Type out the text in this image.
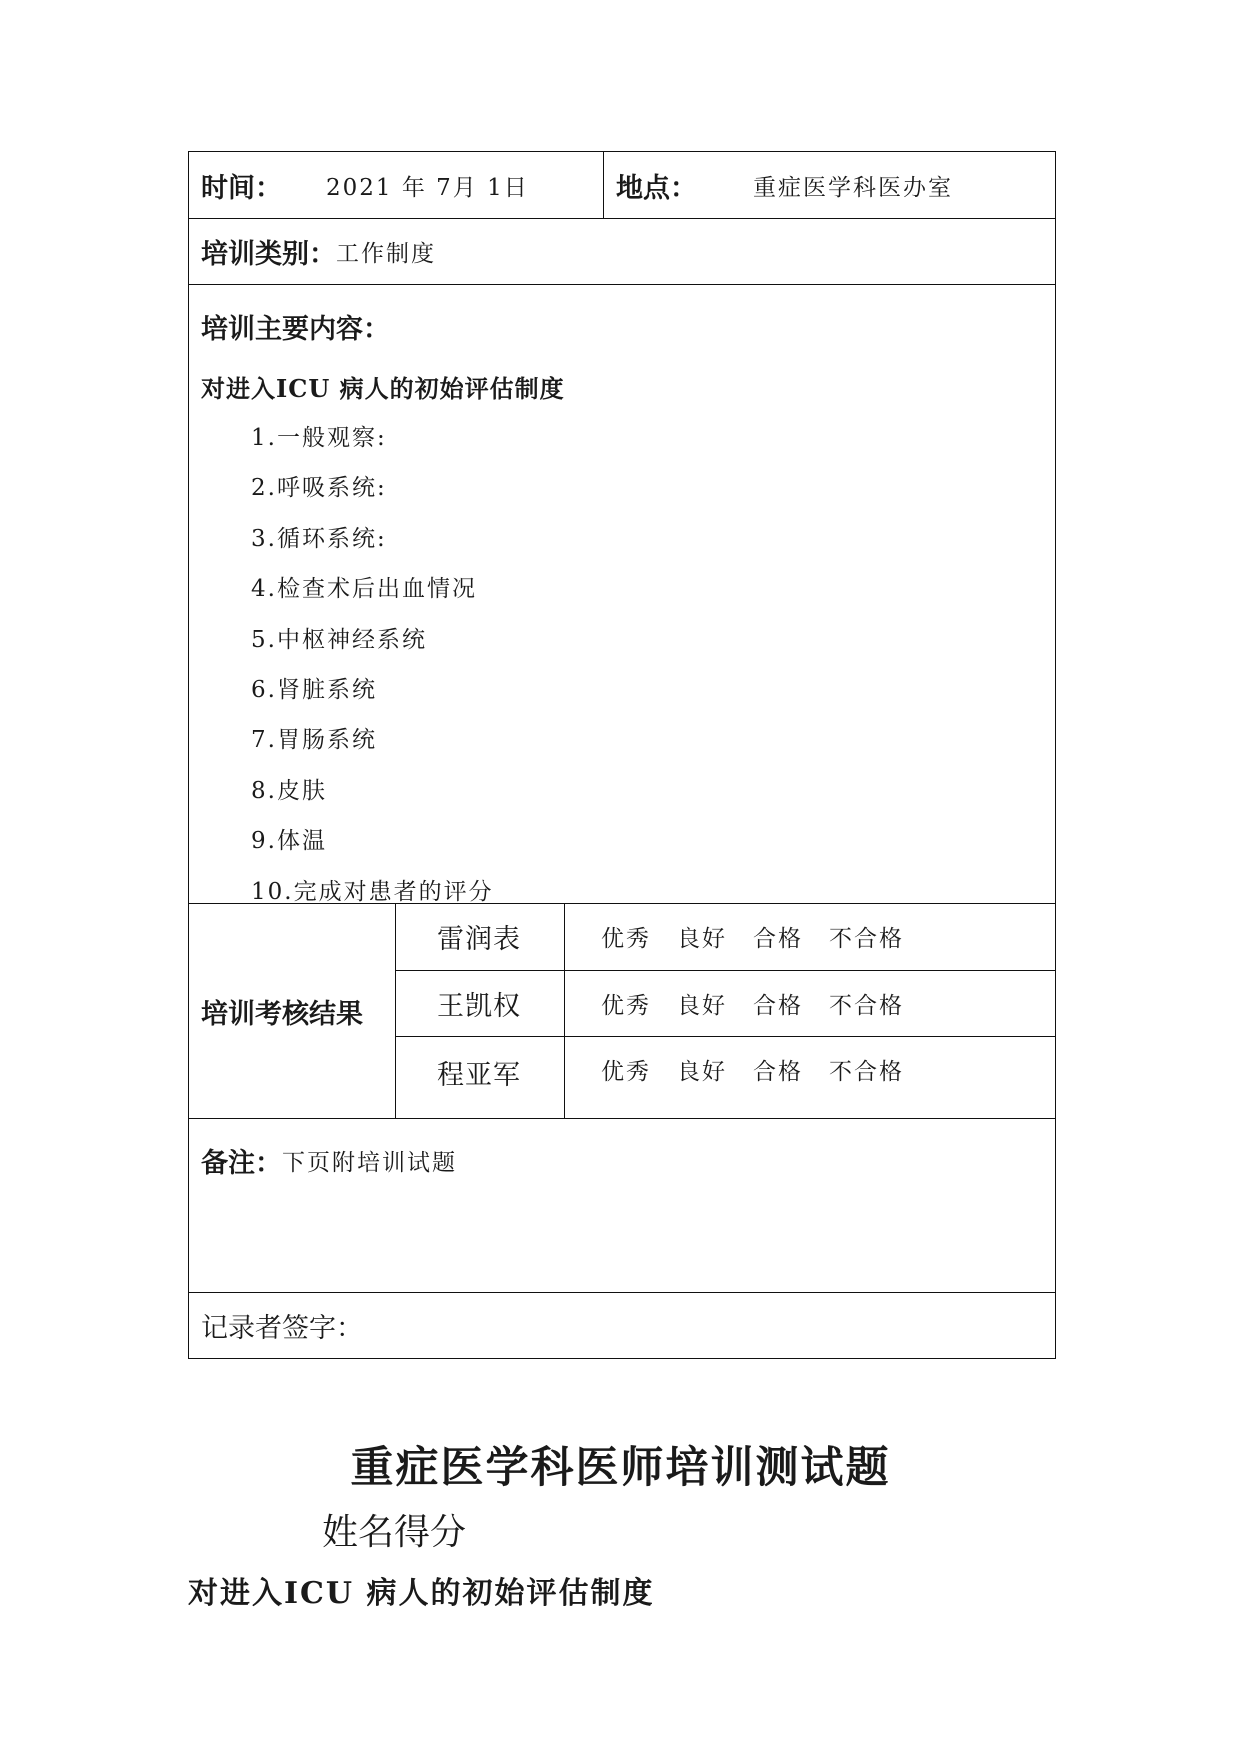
时间： 2021 年 7月 1日	地点： 重症医学科医办室
培训类别： 工作制度
培训主要内容：
对进入ICU 病人的初始评估制度
1.一般观察:
2.呼吸系统:
3.循环系统:
4.检查术后出血情况
5.中枢神经系统
6.肾脏系统
7.胃肠系统
8.皮肤
9.体温
10.完成对患者的评分
培训考核结果
雷润表	优秀 良好 合格 不合格
王凯权	优秀 良好 合格 不合格
程亚军	优秀 良好 合格 不合格
备注： 下页附培训试题
记录者签字：
重症医学科医师培训测试题
姓名得分
对进入ICU 病人的初始评估制度
